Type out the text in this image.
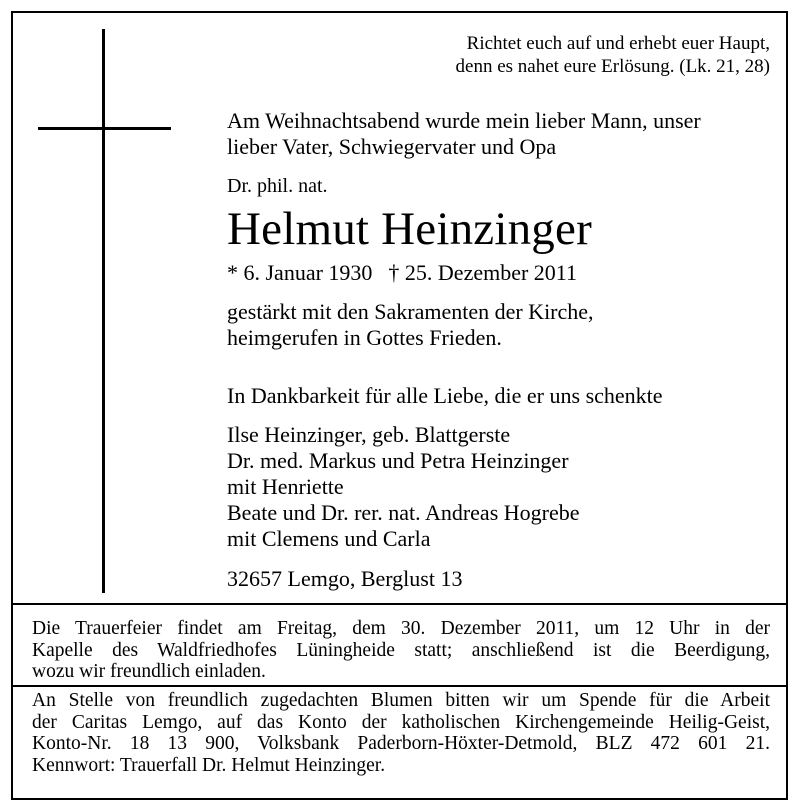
Richtet euch auf und erhebt euer Haupt,
denn es nahet eure Erlösung. (Lk. 21, 28)
Am Weihnachtsabend wurde mein lieber Mann, unser
lieber Vater, Schwiegervater und Opa
Dr. phil. nat.
Helmut Heinzinger
* 6. Januar 1930 † 25. Dezember 2011
gestärkt mit den Sakramenten der Kirche,
heimgerufen in Gottes Frieden.
In Dankbarkeit für alle Liebe, die er uns schenkte
Ilse Heinzinger, geb. Blattgerste
Dr. med. Markus und Petra Heinzinger
mit Henriette
Beate und Dr. rer. nat. Andreas Hogrebe
mit Clemens und Carla
32657 Lemgo, Berglust 13
Die Trauerfeier findet am Freitag, dem 30. Dezember 2011, um 12 Uhr in der
Kapelle des Waldfriedhofes Lüningheide statt; anschließend ist die Beerdigung,
wozu wir freundlich einladen.
An Stelle von freundlich zugedachten Blumen bitten wir um Spende für die Arbeit
der Caritas Lemgo, auf das Konto der katholischen Kirchengemeinde Heilig-Geist,
Konto-Nr. 18 13 900, Volksbank Paderborn-Höxter-Detmold, BLZ 472 601 21.
Kennwort: Trauerfall Dr. Helmut Heinzinger.
